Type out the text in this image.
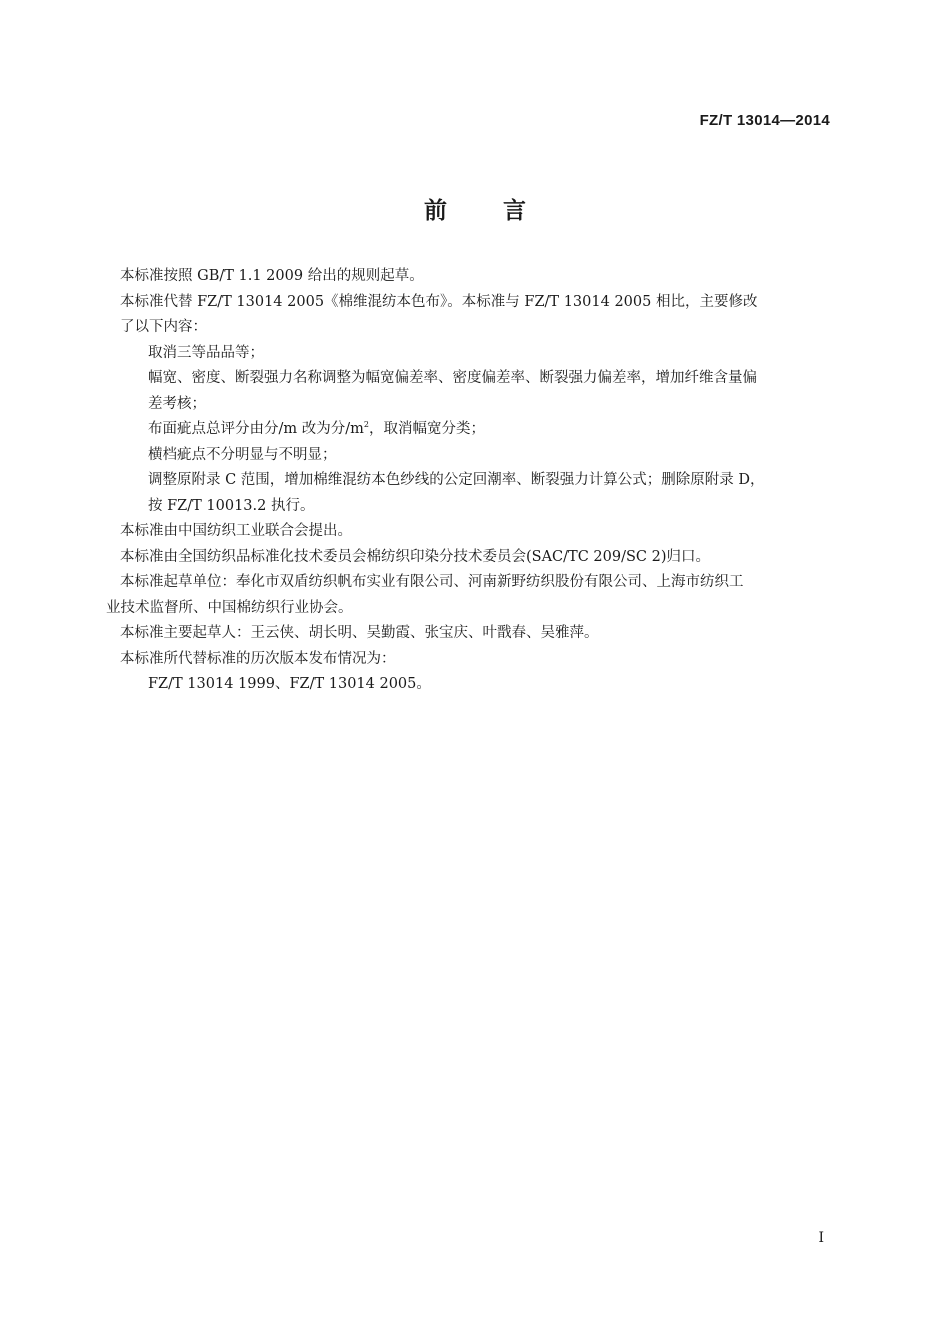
FZ/T 13014—2014
前言

本标准按照 GB/T 1.1 2009 给出的规则起草。

本标准代替 FZ/T 13014 2005《棉维混纺本色布》。本标准与 FZ/T 13014 2005 相比，主要修改
了以下内容：

取消三等品品等；

幅宽、密度、断裂强力名称调整为幅宽偏差率、密度偏差率、断裂强力偏差率，增加纤维含量偏
差考核；

布面疵点总评分由分/m 改为分$/m^2$，取消幅宽分类；

横档疵点不分明显与不明显；

调整原附录 C 范围，增加棉维混纺本色纱线的公定回潮率、断裂强力计算公式；删除原附录 D，
按 FZ/T 10013.2 执行。

本标准由中国纺织工业联合会提出。

本标准由全国纺织品标准化技术委员会棉纺织印染分技术委员会(SAC/TC 209/SC 2)归口。

本标准起草单位：奉化市双盾纺织帆布实业有限公司、河南新野纺织股份有限公司、上海市纺织工
业技术监督所、中国棉纺织行业协会。

本标准主要起草人：王云侠、胡长明、吴勤霞、张宝庆、叶戬春、吴雅萍。

本标准所代替标准的历次版本发布情况为：

FZ/T 13014 1999、FZ/T 13014 2005。

I
